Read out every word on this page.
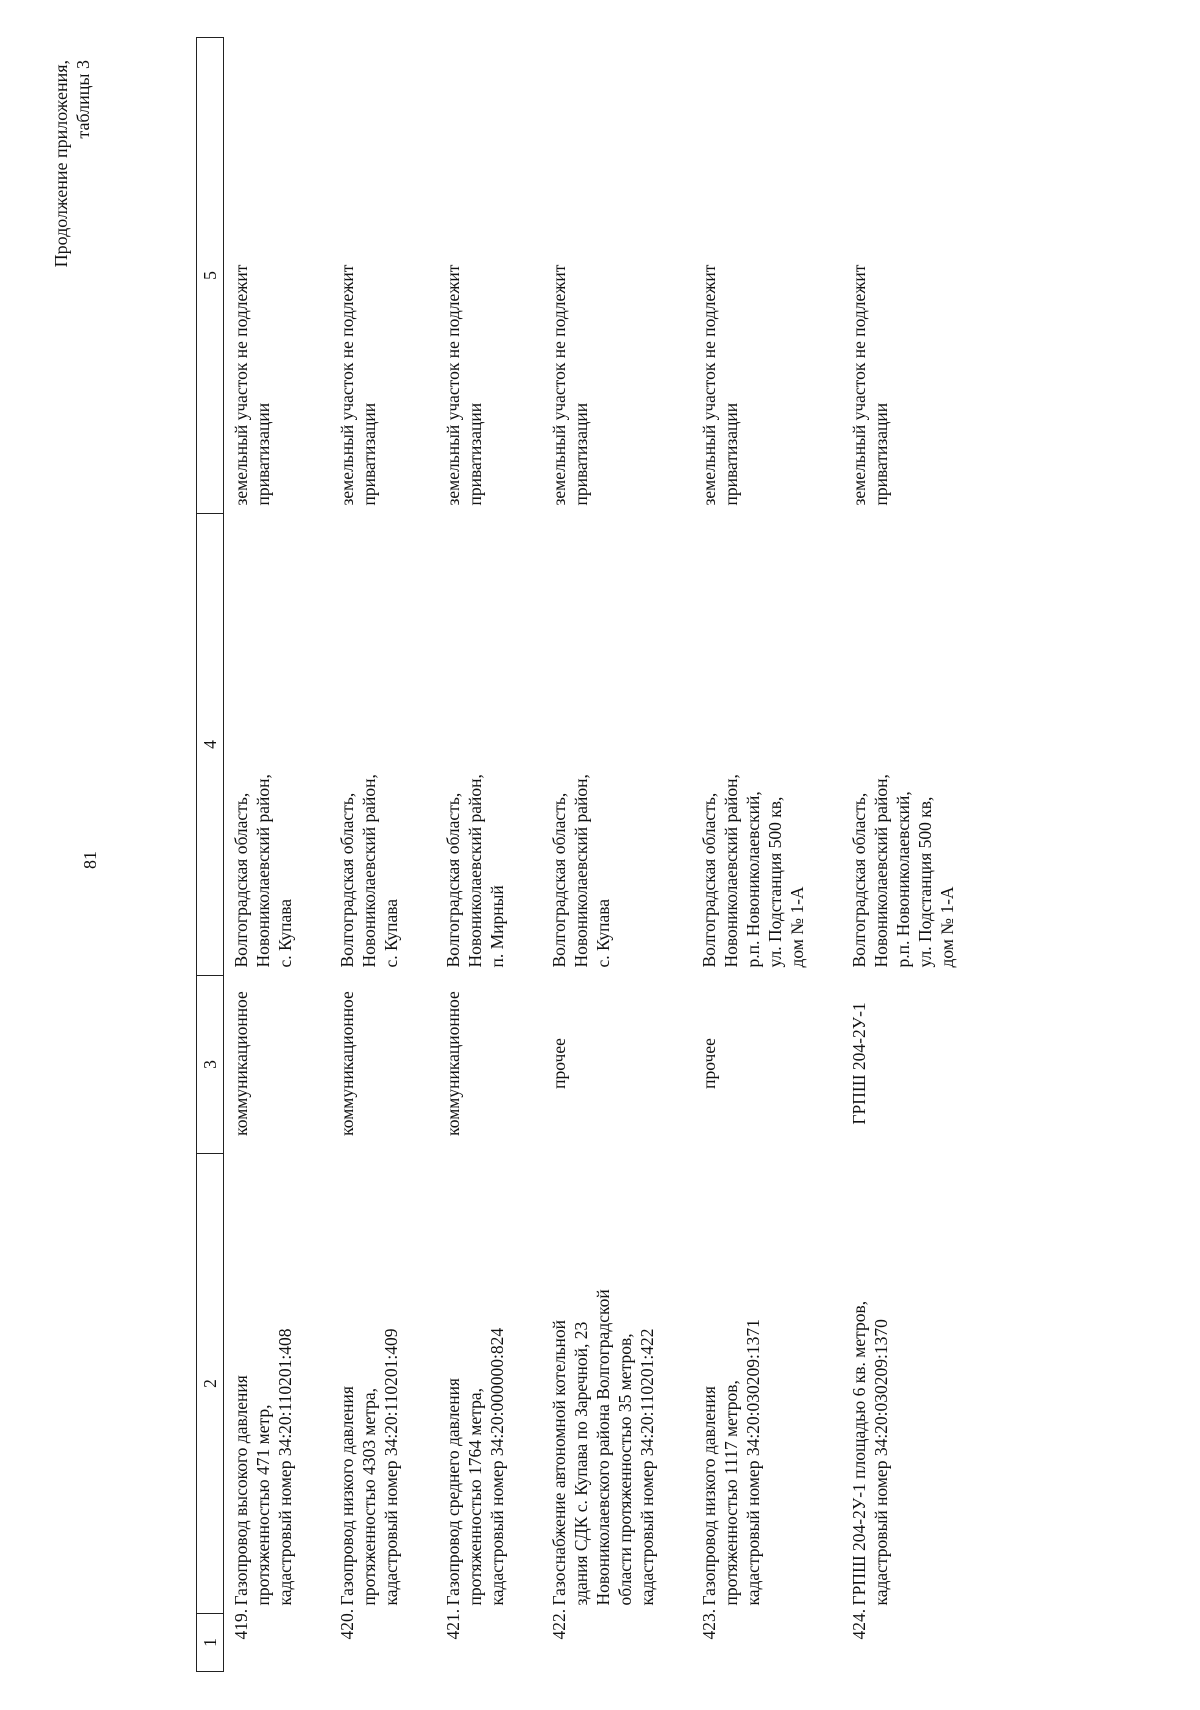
81
Продолжение приложения, таблицы 3
1	2	3	4	5
419.	Газопровод высокого давления протяженностью 471 метр, кадастровый номер 34:20:110201:408	коммуникационное	Волгоградская область, Новониколаевский район, с. Купава	земельный участок не подлежит приватизации

420.	Газопровод низкого давления протяженностью 4303 метра, кадастровый номер 34:20:110201:409	коммуникационное	Волгоградская область, Новониколаевский район, с. Купава	земельный участок не подлежит приватизации

421.	Газопровод среднего давления протяженностью 1764 метра, кадастровый номер 34:20:000000:824	коммуникационное	Волгоградская область, Новониколаевский район, п. Мирный	земельный участок не подлежит приватизации

422.	Газоснабжение автономной котельной здания СДК с. Купава по Заречной, 23 Новониколаевского района Волгоградской области протяженностью 35 метров, кадастровый номер 34:20:110201:422	прочее	Волгоградская область, Новониколаевский район, с. Купава	земельный участок не подлежит приватизации

423.	Газопровод низкого давления протяженностью 1117 метров, кадастровый номер 34:20:030209:1371	прочее	Волгоградская область, Новониколаевский район, р.п. Новониколаевский, ул. Подстанция 500 кв, дом № 1-А	земельный участок не подлежит приватизации

424.	ГРПШ 204-2У-1 площадью 6 кв. метров, кадастровый номер 34:20:030209:1370	ГРПШ 204-2У-1	Волгоградская область, Новониколаевский район, р.п. Новониколаевский, ул. Подстанция 500 кв, дом № 1-А	земельный участок не подлежит приватизации
